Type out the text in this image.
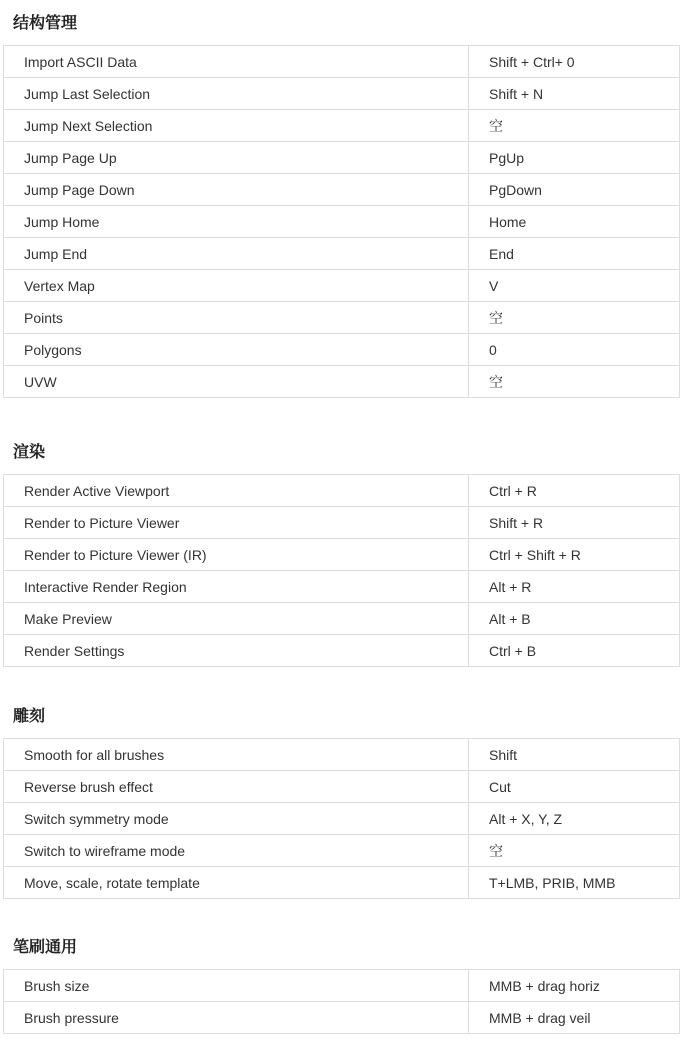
结构管理
Import ASCII Data	Shift + Ctrl+ 0
Jump Last Selection	Shift + N
Jump Next Selection	空
Jump Page Up	PgUp
Jump Page Down	PgDown
Jump Home	Home
Jump End	End
Vertex Map	V
Points	空
Polygons	0
UVW	空
渲染
Render Active Viewport	Ctrl + R
Render to Picture Viewer	Shift + R
Render to Picture Viewer (IR)	Ctrl + Shift + R
Interactive Render Region	Alt + R
Make Preview	Alt + B
Render Settings	Ctrl + B
雕刻
Smooth for all brushes	Shift
Reverse brush effect	Cut
Switch symmetry mode	Alt + X, Y, Z
Switch to wireframe mode	空
Move, scale, rotate template	T+LMB, PRIB, MMB
笔刷通用
Brush size	MMB + drag horiz
Brush pressure	MMB + drag veil
